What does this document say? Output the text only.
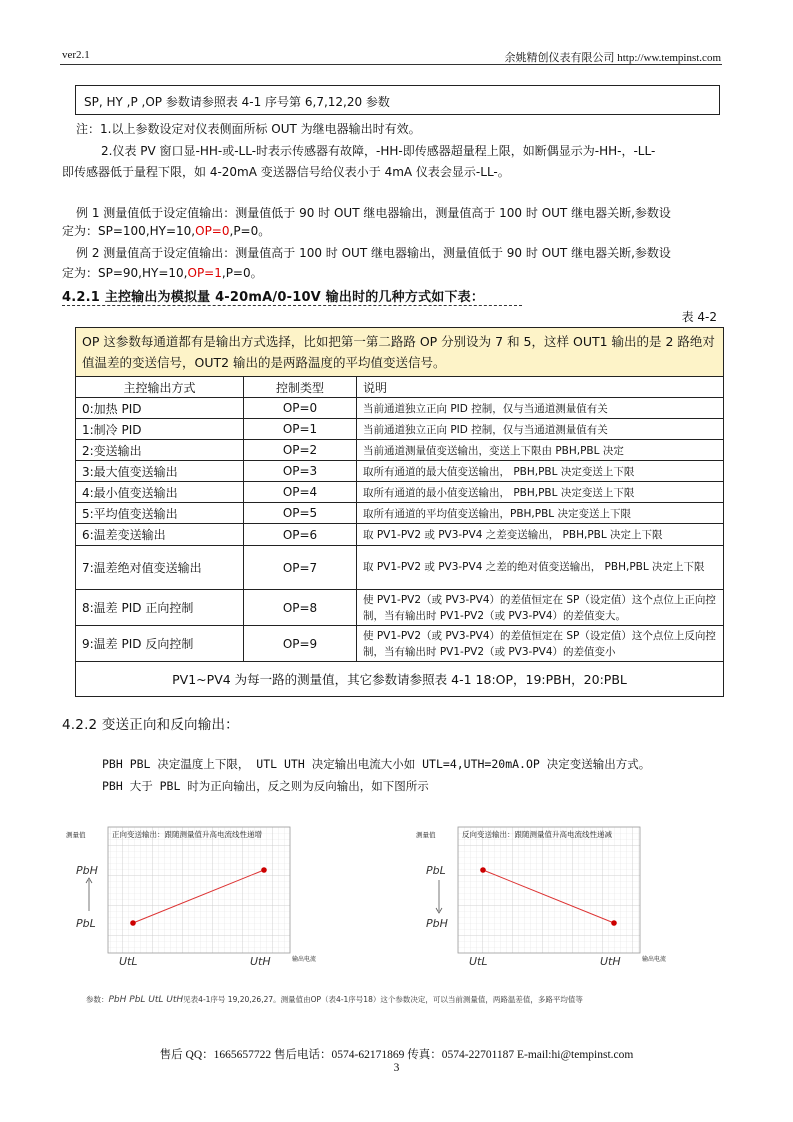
ver2.1	余姚精创仪表有限公司 http://ww.tempinst.com
SP, HY ,P ,OP 参数请参照表 4-1 序号第 6,7,12,20 参数
注：1.以上参数设定对仪表侧面所标 OUT 为继电器输出时有效。
2.仪表 PV 窗口显-HH-或-LL-时表示传感器有故障，-HH-即传感器超量程上限，如断偶显示为-HH-，-LL-
即传感器低于量程下限，如 4-20mA 变送器信号给仪表小于 4mA 仪表会显示-LL-。
例 1 测量值低于设定值输出：测量值低于 90 时 OUT 继电器输出，测量值高于 100 时 OUT 继电器关断,参数设
定为：SP=100,HY=10,OP=0,P=0。
例 2 测量值高于设定值输出：测量值高于 100 时 OUT 继电器输出，测量值低于 90 时 OUT 继电器关断,参数设
定为：SP=90,HY=10,OP=1,P=0。
4.2.1 主控输出为模拟量 4-20mA/0-10V 输出时的几种方式如下表：
表 4-2
OP 这参数每通道都有是输出方式选择，比如把第一第二路路 OP 分别设为 7 和 5，这样 OUT1 输出的是 2 路绝对值温差的变送信号，OUT2 输出的是两路温度的平均值变送信号。		
主控输出方式	控制类型	说明
0:加热 PID	OP=0	当前通道独立正向 PID 控制，仅与当通道测量值有关
1:制冷 PID	OP=1	当前通道独立正向 PID 控制，仅与当通道测量值有关
2:变送输出	OP=2	当前通道测量值变送输出，变送上下限由 PBH,PBL 决定
3:最大值变送输出	OP=3	取所有通道的最大值变送输出， PBH,PBL 决定变送上下限
4:最小值变送输出	OP=4	取所有通道的最小值变送输出， PBH,PBL 决定变送上下限
5:平均值变送输出	OP=5	取所有通道的平均值变送输出，PBH,PBL 决定变送上下限
6:温差变送输出	OP=6	取 PV1-PV2 或 PV3-PV4 之差变送输出， PBH,PBL 决定上下限
7:温差绝对值变送输出	OP=7	取 PV1-PV2 或 PV3-PV4 之差的绝对值变送输出， PBH,PBL 决定上下限
8:温差 PID 正向控制	OP=8	使 PV1-PV2（或 PV3-PV4）的差值恒定在 SP（设定值）这个点位上正向控制，当有输出时 PV1-PV2（或 PV3-PV4）的差值变大。
9:温差 PID 反向控制	OP=9	使 PV1-PV2（或 PV3-PV4）的差值恒定在 SP（设定值）这个点位上反向控制，当有输出时 PV1-PV2（或 PV3-PV4）的差值变小
PV1~PV4 为每一路的测量值，其它参数请参照表 4-1 18:OP，19:PBH，20:PBL		
4.2.2 变送正向和反向输出：
PBH PBL 决定温度上下限， UTL UTH 决定输出电流大小如 UTL=4,UTH=20mA.OP 决定变送输出方式。
PBH 大于 PBL 时为正向输出，反之则为反向输出，如下图所示
测量值	正向变送输出：跟随测量值升高电流线性递增
输出电流
PbH
PbL
UtL	UtH
测量值	反向变送输出：跟随测量值升高电流线性递减
输出电流
PbL
PbH
UtL	UtH
参数：PbH PbL UtL UtH见表4-1序号 19,20,26,27。测量值由OP（表4-1序号18）这个参数决定，可以当前测量值，两路温差值，多路平均值等
售后 QQ：1665657722 售后电话：0574-62171869 传真：0574-22701187 E-mail:hi@tempinst.com
3
